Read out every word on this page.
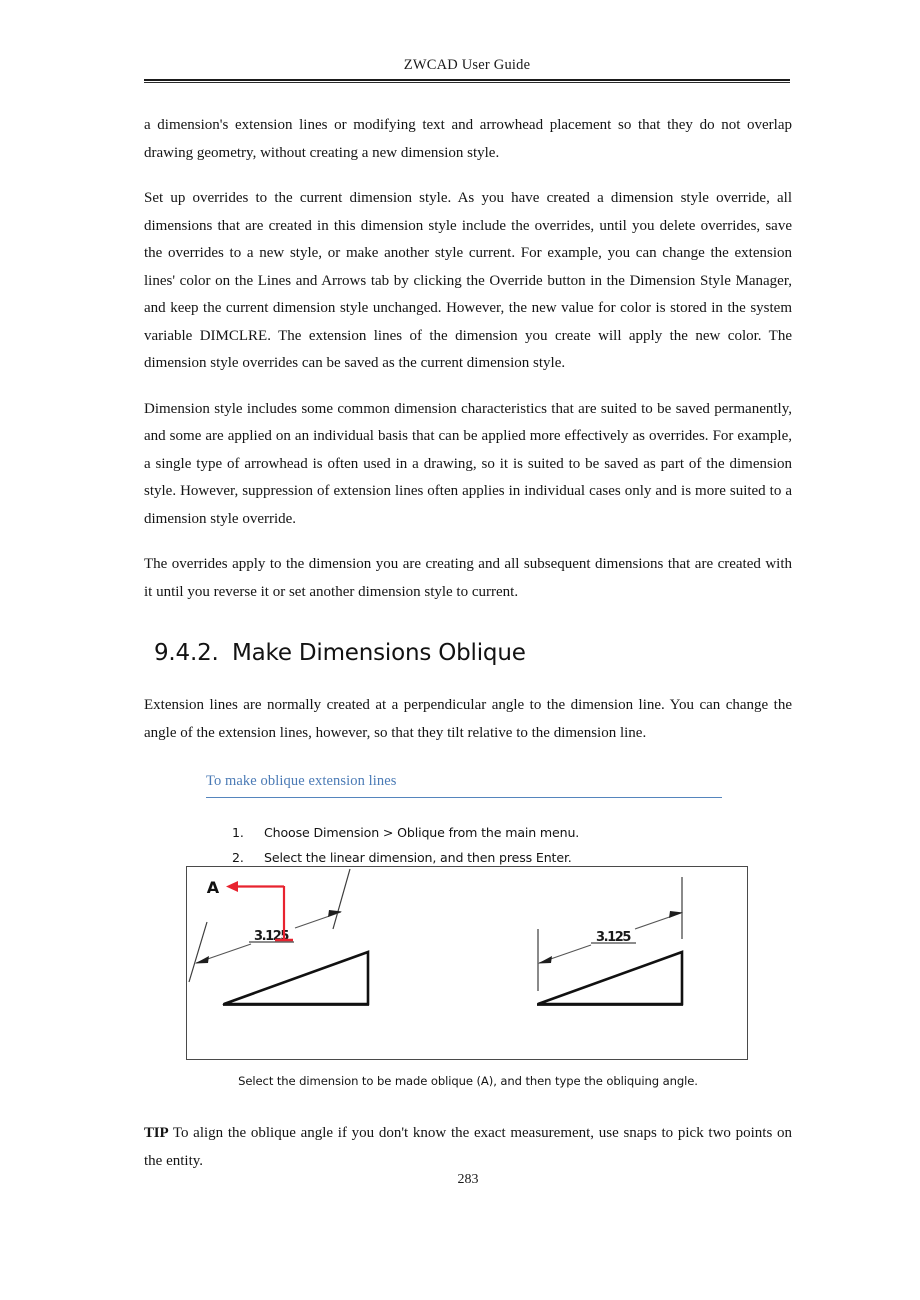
ZWCAD User Guide

a dimension's extension lines or modifying text and arrowhead placement so that they do not overlap drawing geometry, without creating a new dimension style.

Set up overrides to the current dimension style. As you have created a dimension style override, all dimensions that are created in this dimension style include the overrides, until you delete overrides, save the overrides to a new style, or make another style current. For example, you can change the extension lines' color on the Lines and Arrows tab by clicking the Override button in the Dimension Style Manager, and keep the current dimension style unchanged. However, the new value for color is stored in the system variable DIMCLRE. The extension lines of the dimension you create will apply the new color. The dimension style overrides can be saved as the current dimension style.

Dimension style includes some common dimension characteristics that are suited to be saved permanently, and some are applied on an individual basis that can be applied more effectively as overrides. For example, a single type of arrowhead is often used in a drawing, so it is suited to be saved as part of the dimension style. However, suppression of extension lines often applies in individual cases only and is more suited to a dimension style override.

The overrides apply to the dimension you are creating and all subsequent dimensions that are created with it until you reverse it or set another dimension style to current.

9.4.2. Make Dimensions Oblique

Extension lines are normally created at a perpendicular angle to the dimension line. You can change the angle of the extension lines, however, so that they tilt relative to the dimension line.

To make oblique extension lines
1.	Choose Dimension > Oblique from the main menu.
2.	Select the linear dimension, and then press Enter.
3.125
A
3.125
Select the dimension to be made oblique (A), and then type the obliquing angle.
TIP To align the oblique angle if you don't know the exact measurement, use snaps to pick two points on the entity.
283
